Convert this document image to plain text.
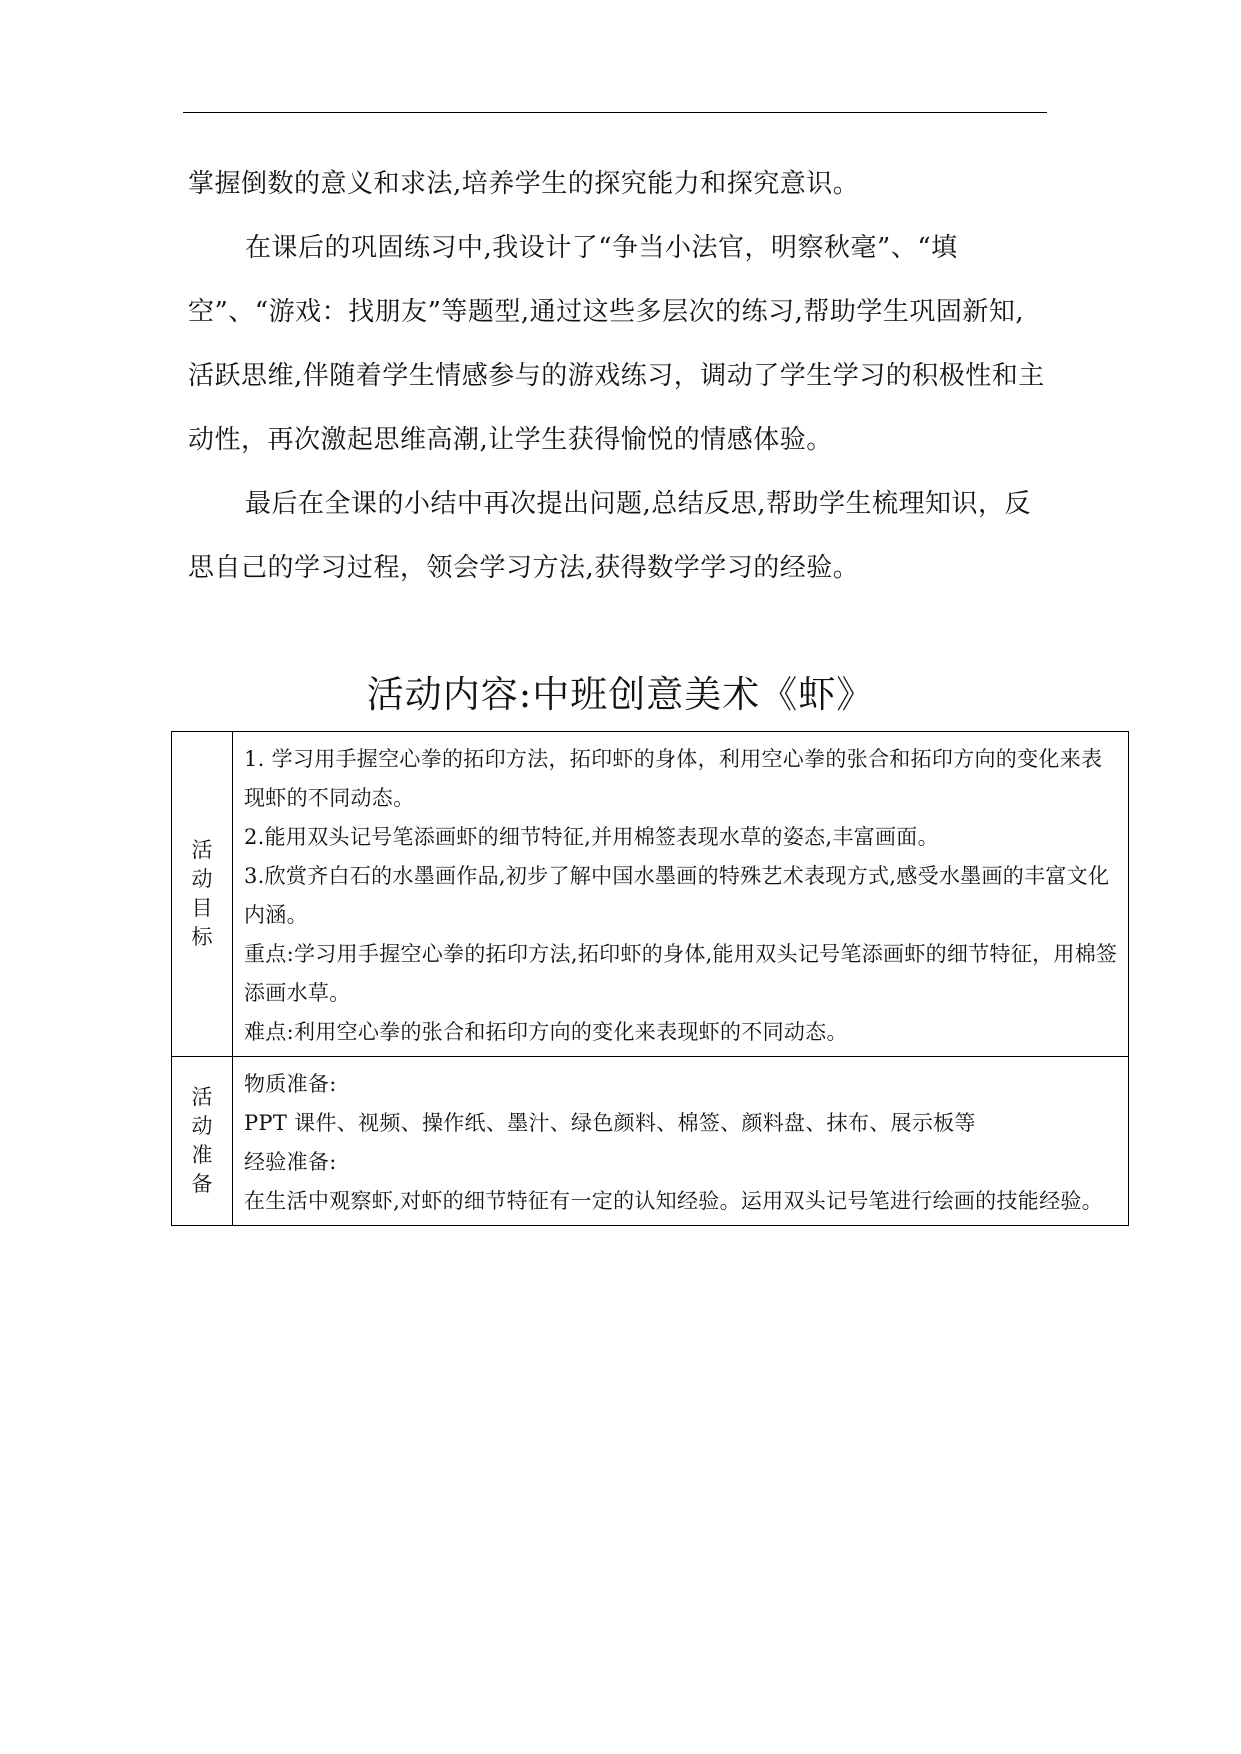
掌握倒数的意义和求法,培养学生的探究能力和探究意识。

在课后的巩固练习中,我设计了“争当小法官，明察秋毫”、“填空”、“游戏：找朋友”等题型,通过这些多层次的练习,帮助学生巩固新知,活跃思维,伴随着学生情感参与的游戏练习，调动了学生学习的积极性和主动性，再次激起思维高潮,让学生获得愉悦的情感体验。

最后在全课的小结中再次提出问题,总结反思,帮助学生梳理知识，反思自己的学习过程，领会学习方法,获得数学学习的经验。

活动内容:中班创意美术《虾》
活动目标	1. 学习用手握空心拳的拓印方法，拓印虾的身体，利用空心拳的张合和拓印方向的变化来表现虾的不同动态。
2.能用双头记号笔添画虾的细节特征,并用棉签表现水草的姿态,丰富画面。
3.欣赏齐白石的水墨画作品,初步了解中国水墨画的特殊艺术表现方式,感受水墨画的丰富文化内涵。
重点:学习用手握空心拳的拓印方法,拓印虾的身体,能用双头记号笔添画虾的细节特征，用棉签添画水草。
难点:利用空心拳的张合和拓印方向的变化来表现虾的不同动态。

活动准备	物质准备:
PPT 课件、视频、操作纸、墨汁、绿色颜料、棉签、颜料盘、抹布、展示板等
经验准备:
在生活中观察虾,对虾的细节特征有一定的认知经验。运用双头记号笔进行绘画的技能经验。
